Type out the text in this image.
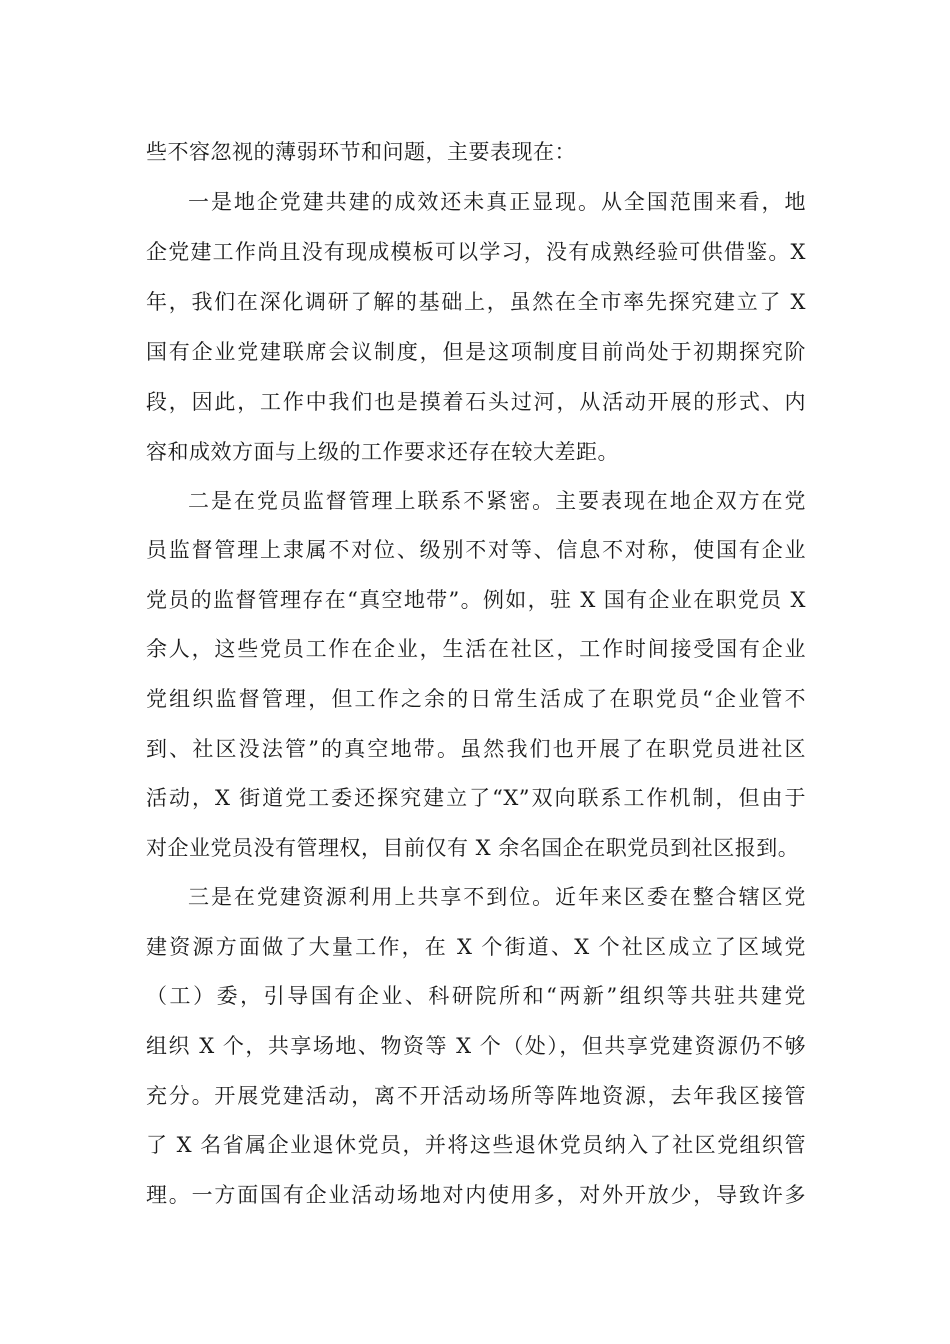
些不容忽视的薄弱环节和问题，主要表现在：
一是地企党建共建的成效还未真正显现。从全国范围来看，地
企党建工作尚且没有现成模板可以学习，没有成熟经验可供借鉴。X
年，我们在深化调研了解的基础上，虽然在全市率先探究建立了 X
国有企业党建联席会议制度，但是这项制度目前尚处于初期探究阶
段，因此，工作中我们也是摸着石头过河，从活动开展的形式、内
容和成效方面与上级的工作要求还存在较大差距。
二是在党员监督管理上联系不紧密。主要表现在地企双方在党
员监督管理上隶属不对位、级别不对等、信息不对称，使国有企业
党员的监督管理存在“真空地带”。例如，驻 X 国有企业在职党员 X
余人，这些党员工作在企业，生活在社区，工作时间接受国有企业
党组织监督管理，但工作之余的日常生活成了在职党员“企业管不
到、社区没法管”的真空地带。虽然我们也开展了在职党员进社区
活动，X 街道党工委还探究建立了“X”双向联系工作机制，但由于
对企业党员没有管理权，目前仅有 X 余名国企在职党员到社区报到。
三是在党建资源利用上共享不到位。近年来区委在整合辖区党
建资源方面做了大量工作，在 X 个街道、X 个社区成立了区域党
（工）委，引导国有企业、科研院所和“两新”组织等共驻共建党
组织 X 个，共享场地、物资等 X 个（处），但共享党建资源仍不够
充分。开展党建活动，离不开活动场所等阵地资源，去年我区接管
了 X 名省属企业退休党员，并将这些退休党员纳入了社区党组织管
理。一方面国有企业活动场地对内使用多，对外开放少，导致许多
